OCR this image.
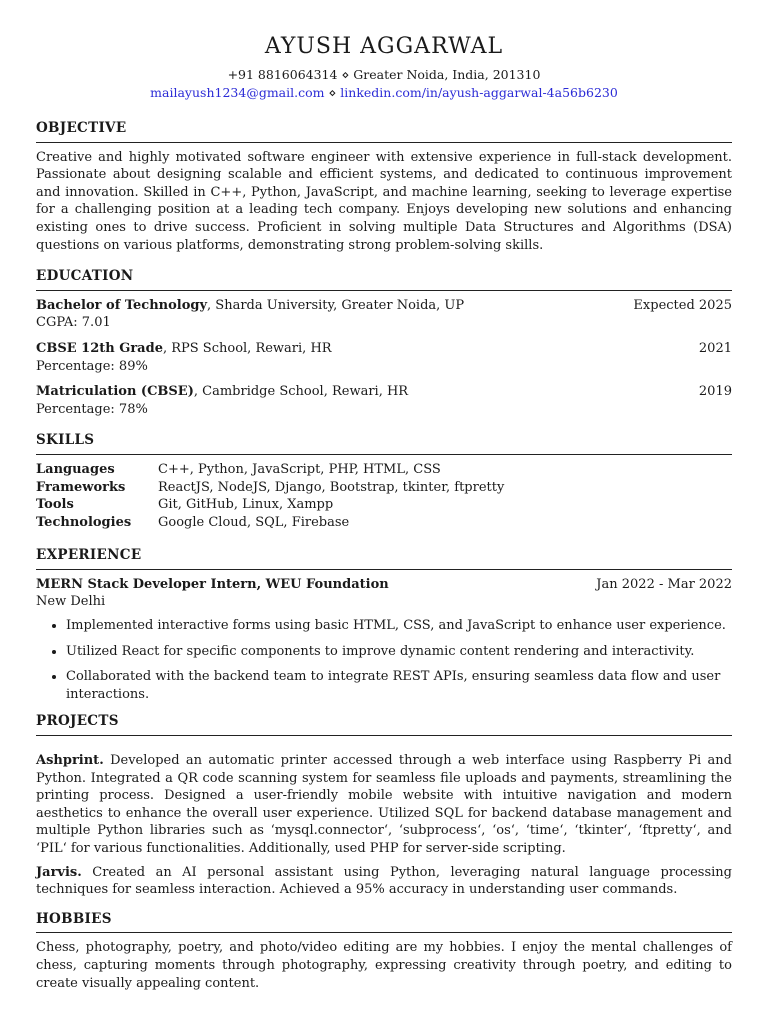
AYUSH AGGARWAL
+91 8816064314 ⋄ Greater Noida, India, 201310
mailayush1234@gmail.com ⋄ linkedin.com/in/ayush-aggarwal-4a56b6230
OBJECTIVE
Creative and highly motivated software engineer with extensive experience in full-stack development. Passionate about designing scalable and efficient systems, and dedicated to continuous improvement and innovation. Skilled in C++, Python, JavaScript, and machine learning, seeking to leverage expertise for a challenging position at a leading tech company. Enjoys developing new solutions and enhancing existing ones to drive success. Proficient in solving multiple Data Structures and Algorithms (DSA) questions on various platforms, demonstrating strong problem-solving skills.
EDUCATION
Bachelor of Technology, Sharda University, Greater Noida, UP	Expected 2025
CGPA: 7.01
CBSE 12th Grade, RPS School, Rewari, HR	2021
Percentage: 89%
Matriculation (CBSE), Cambridge School, Rewari, HR	2019
Percentage: 78%
SKILLS
Languages	C++, Python, JavaScript, PHP, HTML, CSS
Frameworks	ReactJS, NodeJS, Django, Bootstrap, tkinter, ftpretty
Tools	Git, GitHub, Linux, Xampp
Technologies	Google Cloud, SQL, Firebase
EXPERIENCE
MERN Stack Developer Intern, WEU Foundation	Jan 2022 - Mar 2022
New Delhi
• Implemented interactive forms using basic HTML, CSS, and JavaScript to enhance user experience.
• Utilized React for specific components to improve dynamic content rendering and interactivity.
• Collaborated with the backend team to integrate REST APIs, ensuring seamless data flow and user interactions.
PROJECTS
Ashprint. Developed an automatic printer accessed through a web interface using Raspberry Pi and Python. Integrated a QR code scanning system for seamless file uploads and payments, streamlining the printing process. Designed a user-friendly mobile website with intuitive navigation and modern aesthetics to enhance the overall user experience. Utilized SQL for backend database management and multiple Python libraries such as ‘mysql.connector‘, ‘subprocess‘, ‘os‘, ‘time‘, ‘tkinter‘, ‘ftpretty‘, and ‘PIL‘ for various functionalities. Additionally, used PHP for server-side scripting.
Jarvis. Created an AI personal assistant using Python, leveraging natural language processing techniques for seamless interaction. Achieved a 95% accuracy in understanding user commands.
HOBBIES
Chess, photography, poetry, and photo/video editing are my hobbies. I enjoy the mental challenges of chess, capturing moments through photography, expressing creativity through poetry, and editing to create visually appealing content.
